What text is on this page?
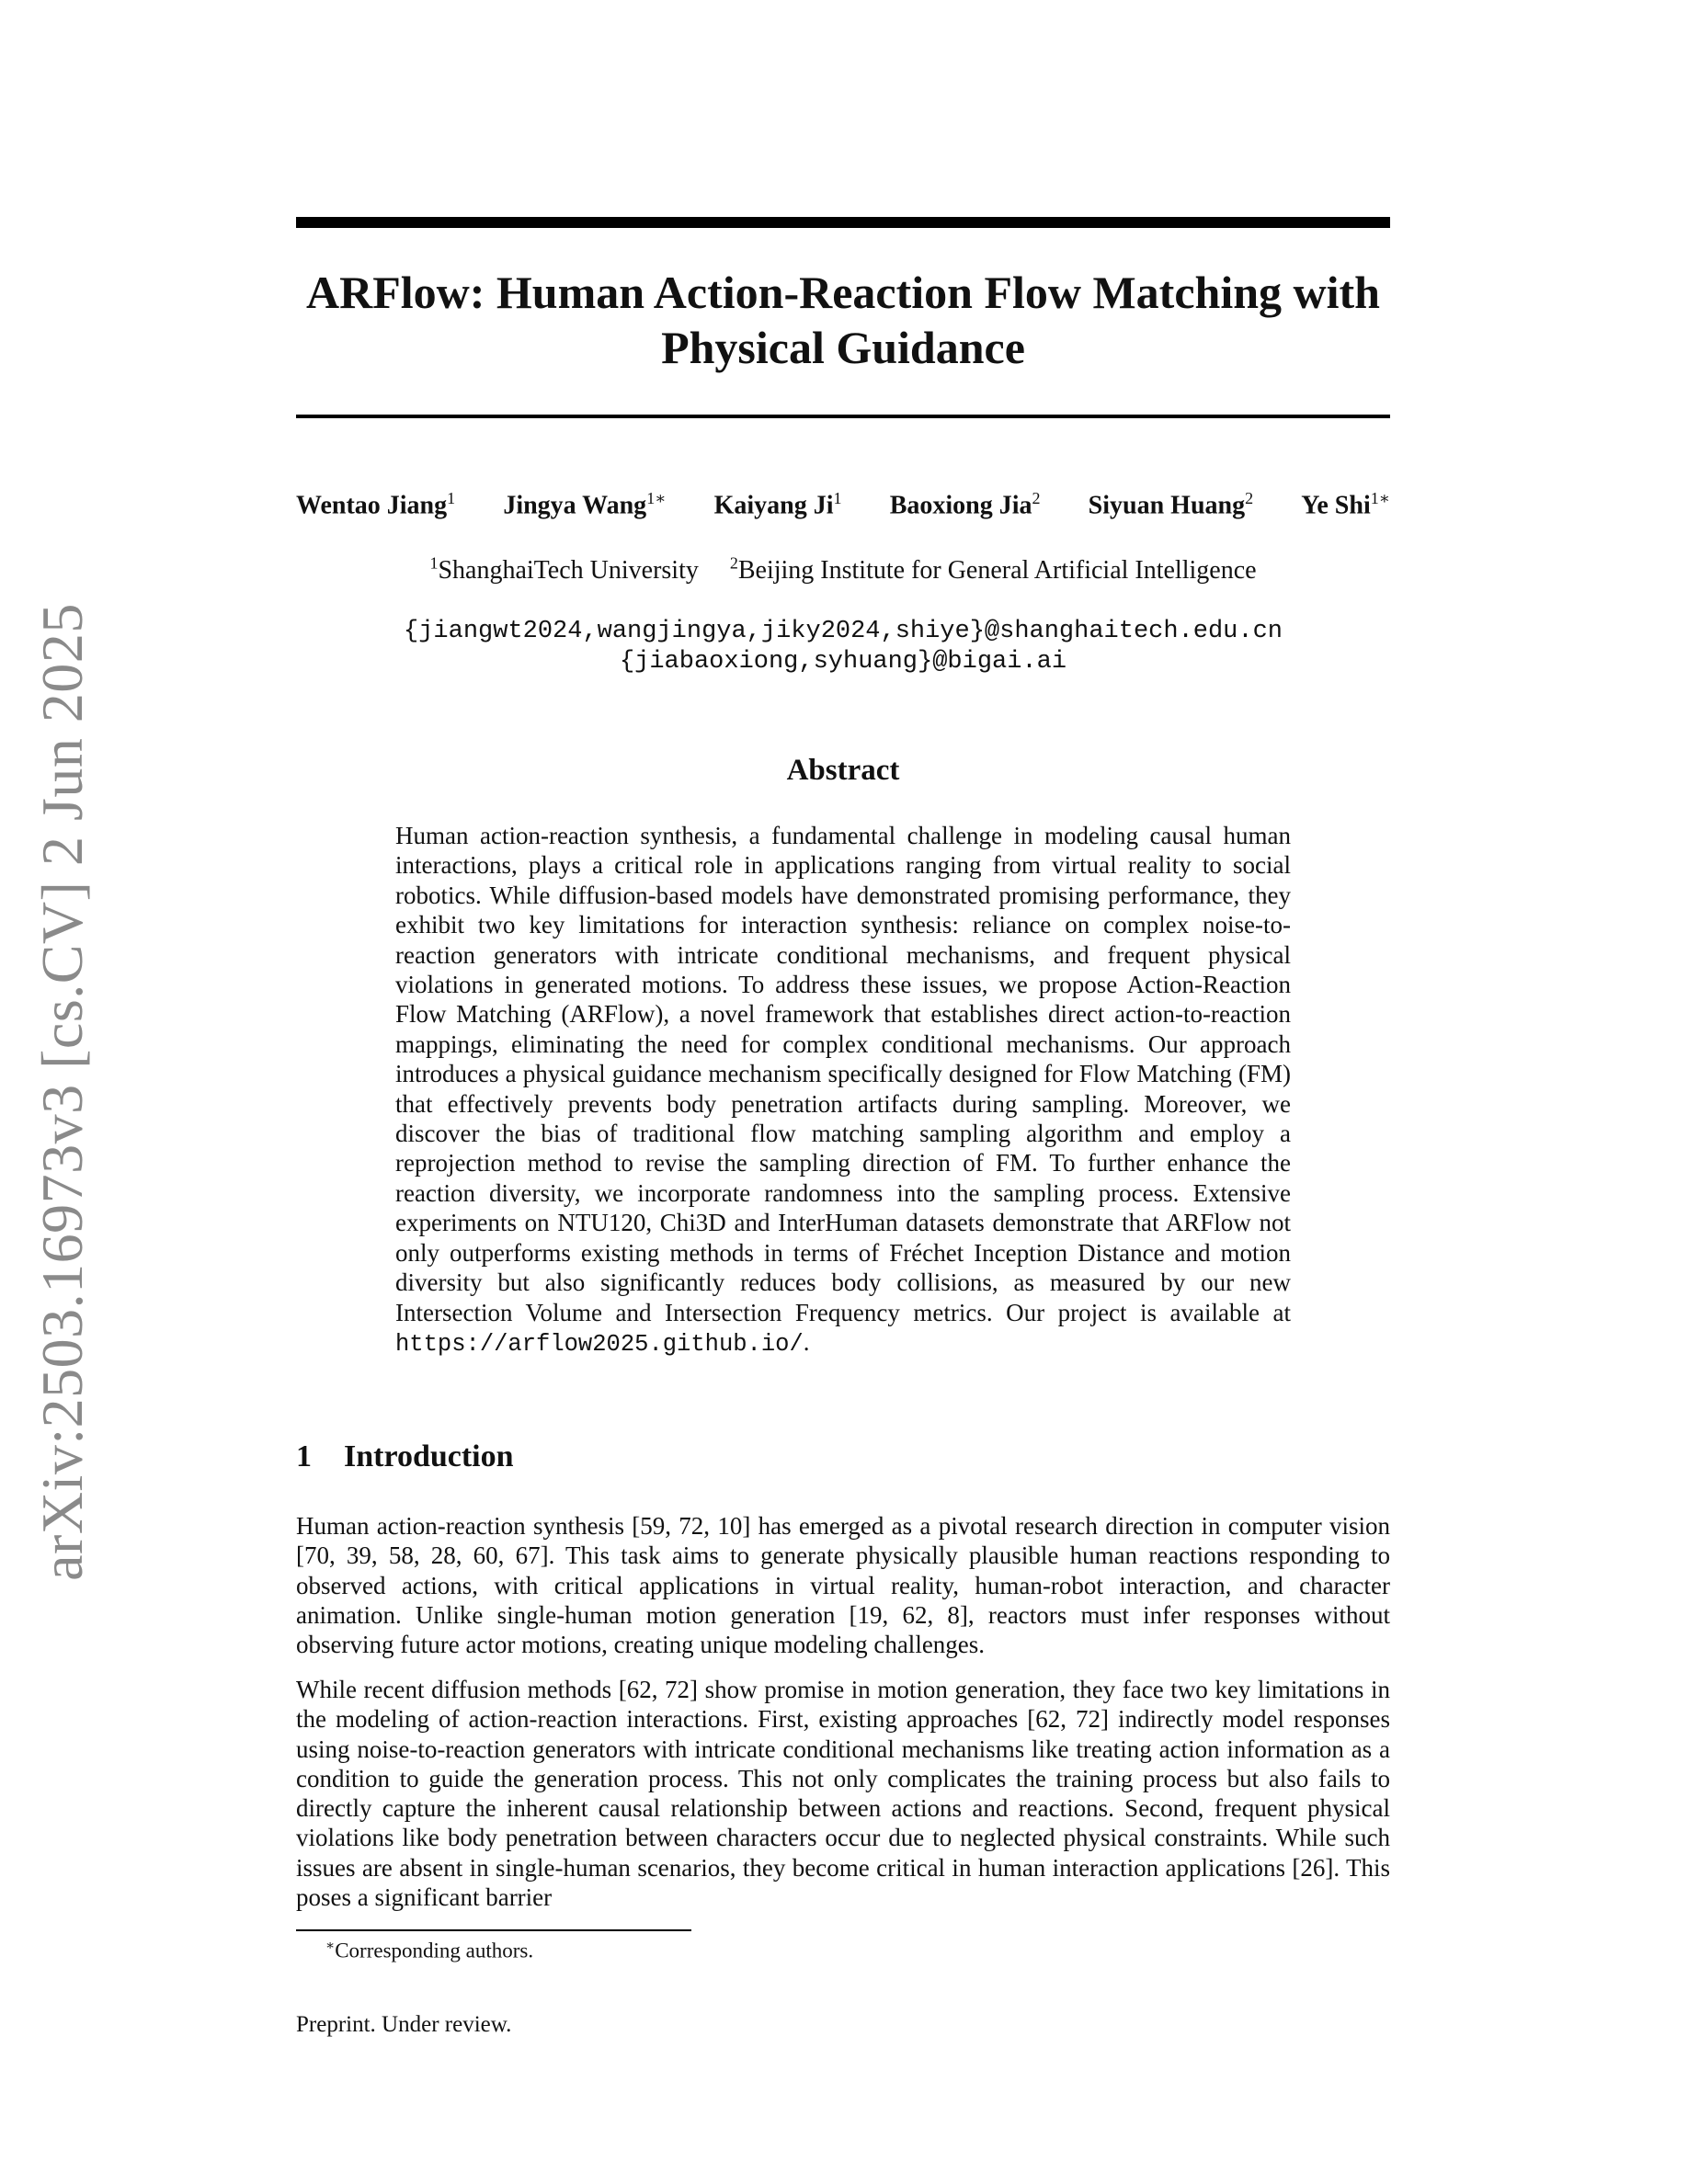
arXiv:2503.16973v3 [cs.CV] 2 Jun 2025
ARFlow: Human Action-Reaction Flow Matching with Physical Guidance
Wentao Jiang$^1$ Jingya Wang$^{1∗}$ Kaiyang Ji$^1$ Baoxiong Jia$^2$ Siyuan Huang$^2$ Ye Shi$^{1∗}$
$^1$ShanghaiTech University $^2$Beijing Institute for General Artificial Intelligence
{jiangwt2024,wangjingya,jiky2024,shiye}@shanghaitech.edu.cn
{jiabaoxiong,syhuang}@bigai.ai
Abstract
Human action-reaction synthesis, a fundamental challenge in modeling causal human interactions, plays a critical role in applications ranging from virtual reality to social robotics. While diffusion-based models have demonstrated promising performance, they exhibit two key limitations for interaction synthesis: reliance on complex noise-to-reaction generators with intricate conditional mechanisms, and frequent physical violations in generated motions. To address these issues, we propose Action-Reaction Flow Matching (ARFlow), a novel framework that establishes direct action-to-reaction mappings, eliminating the need for complex conditional mechanisms. Our approach introduces a physical guidance mechanism specifically designed for Flow Matching (FM) that effectively prevents body penetration artifacts during sampling. Moreover, we discover the bias of traditional flow matching sampling algorithm and employ a reprojection method to revise the sampling direction of FM. To further enhance the reaction diversity, we incorporate randomness into the sampling process. Extensive experiments on NTU120, Chi3D and InterHuman datasets demonstrate that ARFlow not only outperforms existing methods in terms of Fréchet Inception Distance and motion diversity but also significantly reduces body collisions, as measured by our new Intersection Volume and Intersection Frequency metrics. Our project is available at https://arflow2025.github.io/.
1 Introduction
Human action-reaction synthesis [59, 72, 10] has emerged as a pivotal research direction in computer vision [70, 39, 58, 28, 60, 67]. This task aims to generate physically plausible human reactions responding to observed actions, with critical applications in virtual reality, human-robot interaction, and character animation. Unlike single-human motion generation [19, 62, 8], reactors must infer responses without observing future actor motions, creating unique modeling challenges.
While recent diffusion methods [62, 72] show promise in motion generation, they face two key limitations in the modeling of action-reaction interactions. First, existing approaches [62, 72] indirectly model responses using noise-to-reaction generators with intricate conditional mechanisms like treating action information as a condition to guide the generation process. This not only complicates the training process but also fails to directly capture the inherent causal relationship between actions and reactions. Second, frequent physical violations like body penetration between characters occur due to neglected physical constraints. While such issues are absent in single-human scenarios, they become critical in human interaction applications [26]. This poses a significant barrier
∗Corresponding authors.
Preprint. Under review.
